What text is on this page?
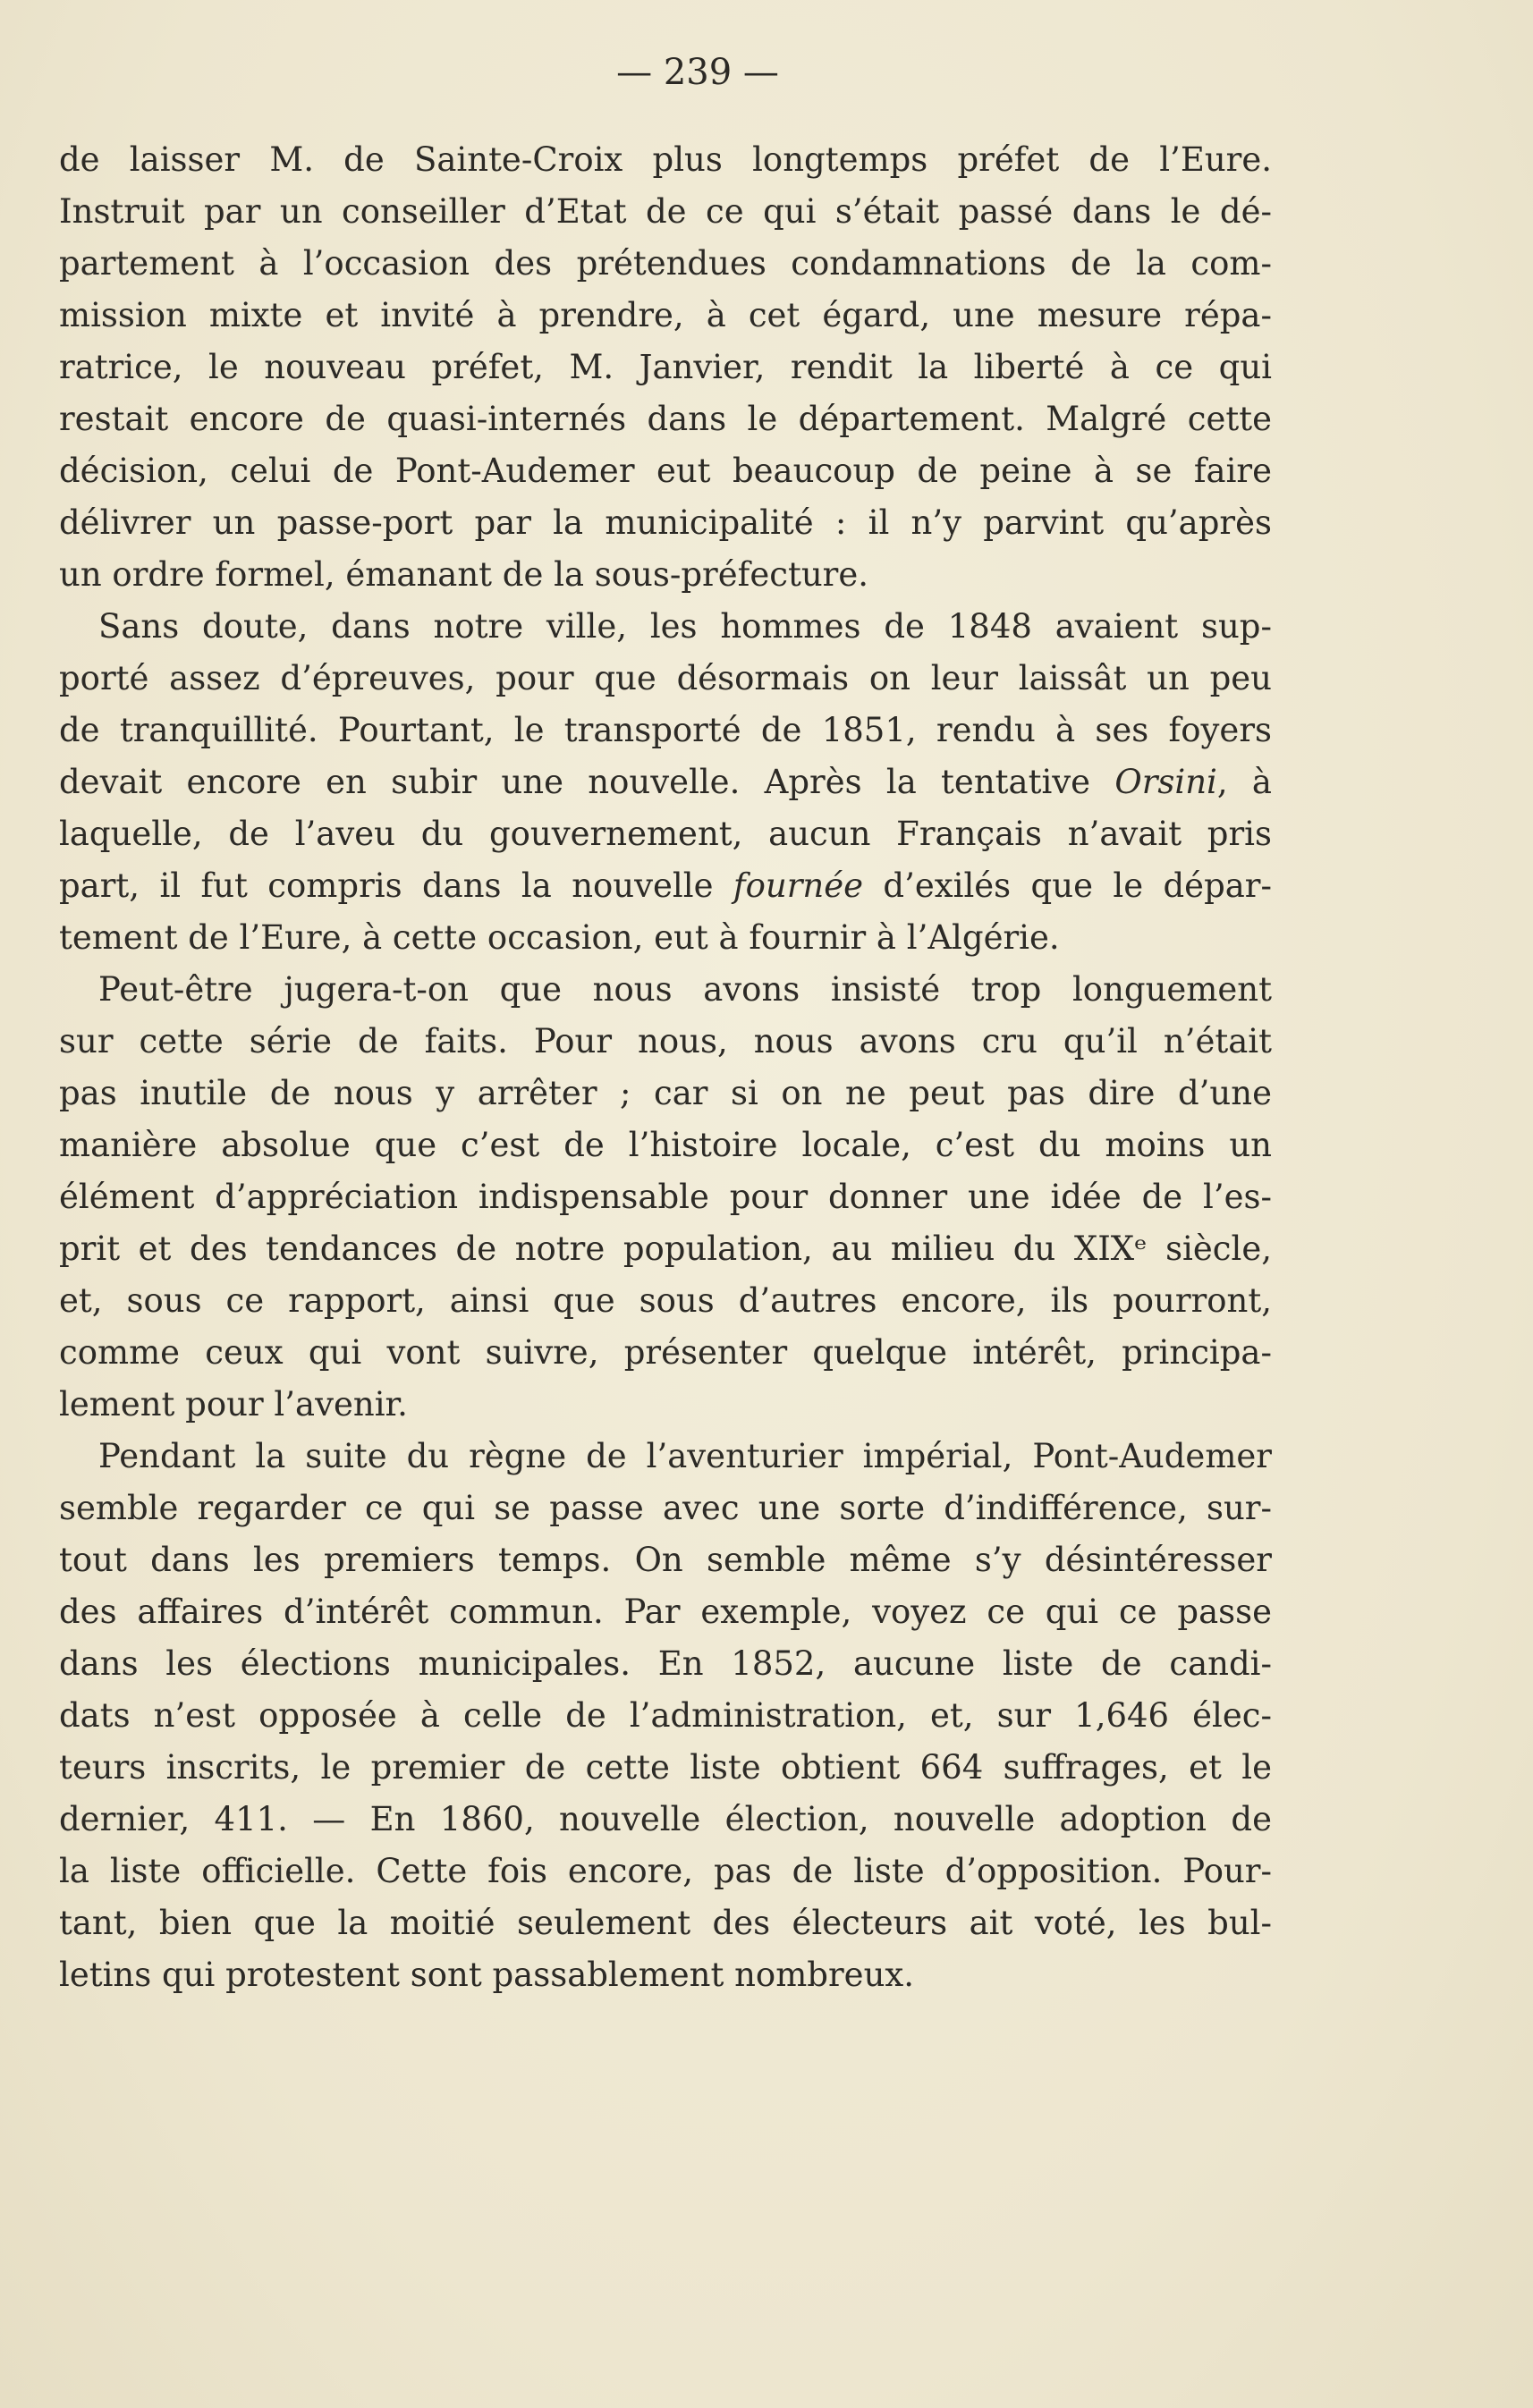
— 239 —
de laisser M. de Sainte-Croix plus longtemps préfet de l’Eure.
Instruit par un conseiller d’Etat de ce qui s’était passé dans le dé-
partement à l’occasion des prétendues condamnations de la com-
mission mixte et invité à prendre, à cet égard, une mesure répa-
ratrice, le nouveau préfet, M. Janvier, rendit la liberté à ce qui
restait encore de quasi-internés dans le département. Malgré cette
décision, celui de Pont-Audemer eut beaucoup de peine à se faire
délivrer un passe-port par la municipalité : il n’y parvint qu’après
un ordre formel, émanant de la sous-préfecture.
Sans doute, dans notre ville, les hommes de 1848 avaient sup-
porté assez d’épreuves, pour que désormais on leur laissât un peu
de tranquillité. Pourtant, le transporté de 1851, rendu à ses foyers
devait encore en subir une nouvelle. Après la tentative Orsini, à
laquelle, de l’aveu du gouvernement, aucun Français n’avait pris
part, il fut compris dans la nouvelle fournée d’exilés que le dépar-
tement de l’Eure, à cette occasion, eut à fournir à l’Algérie.
Peut-être jugera-t-on que nous avons insisté trop longuement
sur cette série de faits. Pour nous, nous avons cru qu’il n’était
pas inutile de nous y arrêter ; car si on ne peut pas dire d’une
manière absolue que c’est de l’histoire locale, c’est du moins un
élément d’appréciation indispensable pour donner une idée de l’es-
prit et des tendances de notre population, au milieu du XIXᵉ siècle,
et, sous ce rapport, ainsi que sous d’autres encore, ils pourront,
comme ceux qui vont suivre, présenter quelque intérêt, principa-
lement pour l’avenir.
Pendant la suite du règne de l’aventurier impérial, Pont-Audemer
semble regarder ce qui se passe avec une sorte d’indifférence, sur-
tout dans les premiers temps. On semble même s’y désintéresser
des affaires d’intérêt commun. Par exemple, voyez ce qui ce passe
dans les élections municipales. En 1852, aucune liste de candi-
dats n’est opposée à celle de l’administration, et, sur 1,646 élec-
teurs inscrits, le premier de cette liste obtient 664 suffrages, et le
dernier, 411. — En 1860, nouvelle élection, nouvelle adoption de
la liste officielle. Cette fois encore, pas de liste d’opposition. Pour-
tant, bien que la moitié seulement des électeurs ait voté, les bul-
letins qui protestent sont passablement nombreux.
